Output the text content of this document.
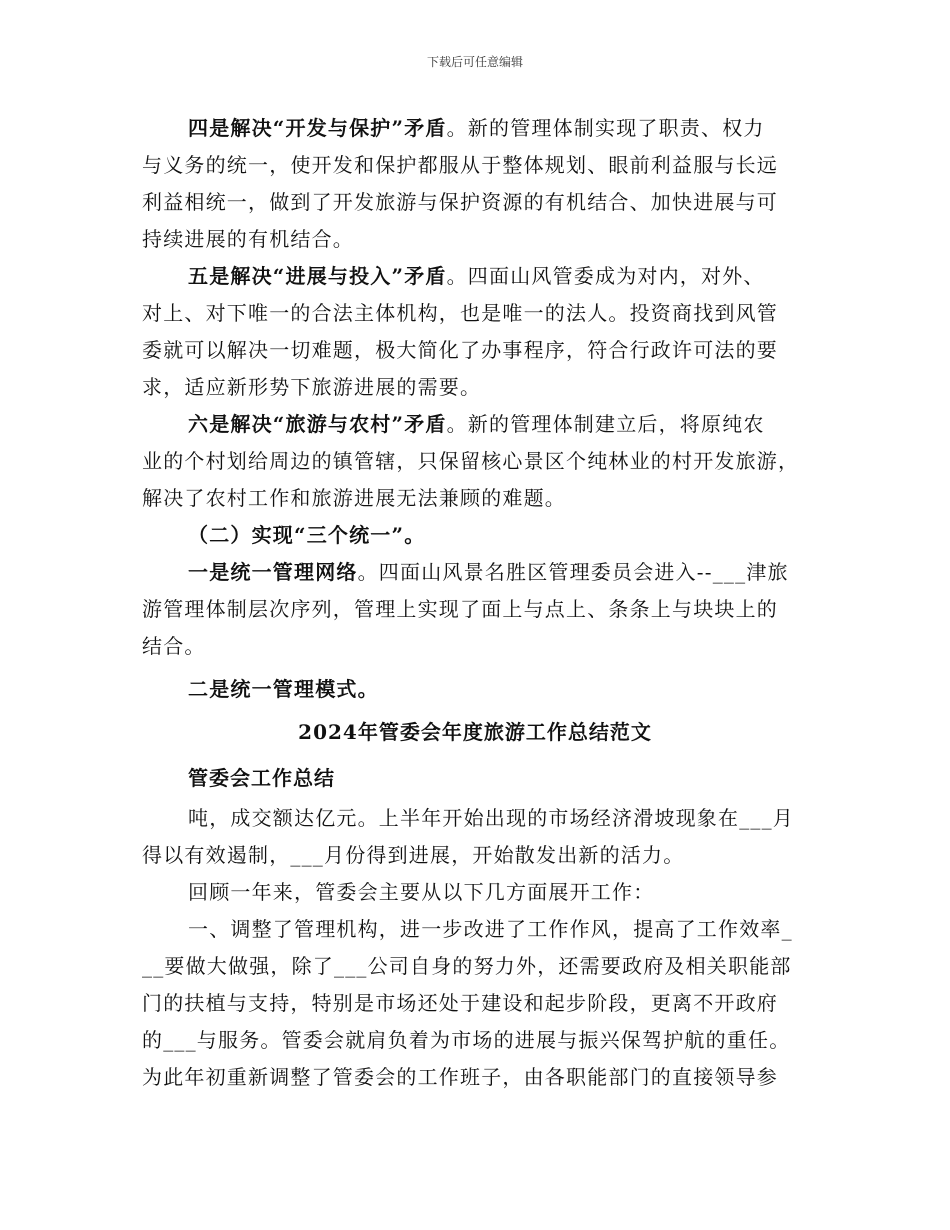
下载后可任意编辑
四是解决“开发与保护”矛盾。新的管理体制实现了职责、权力
与义务的统一，使开发和保护都服从于整体规划、眼前利益服与长远
利益相统一，做到了开发旅游与保护资源的有机结合、加快进展与可
持续进展的有机结合。
五是解决“进展与投入”矛盾。四面山风管委成为对内，对外、
对上、对下唯一的合法主体机构，也是唯一的法人。投资商找到风管
委就可以解决一切难题，极大简化了办事程序，符合行政许可法的要
求，适应新形势下旅游进展的需要。
六是解决“旅游与农村”矛盾。新的管理体制建立后，将原纯农
业的个村划给周边的镇管辖，只保留核心景区个纯林业的村开发旅游，
解决了农村工作和旅游进展无法兼顾的难题。
（二）实现“三个统一”。
一是统一管理网络。四面山风景名胜区管理委员会进入--___津旅
游管理体制层次序列，管理上实现了面上与点上、条条上与块块上的
结合。
二是统一管理模式。
2024年管委会年度旅游工作总结范文
管委会工作总结
吨，成交额达亿元。上半年开始出现的市场经济滑坡现象在___月
得以有效遏制，___月份得到进展，开始散发出新的活力。
回顾一年来，管委会主要从以下几方面展开工作：
一、调整了管理机构，进一步改进了工作作风，提高了工作效率_
__要做大做强，除了___公司自身的努力外，还需要政府及相关职能部
门的扶植与支持，特别是市场还处于建设和起步阶段，更离不开政府
的___与服务。管委会就肩负着为市场的进展与振兴保驾护航的重任。
为此年初重新调整了管委会的工作班子，由各职能部门的直接领导参
